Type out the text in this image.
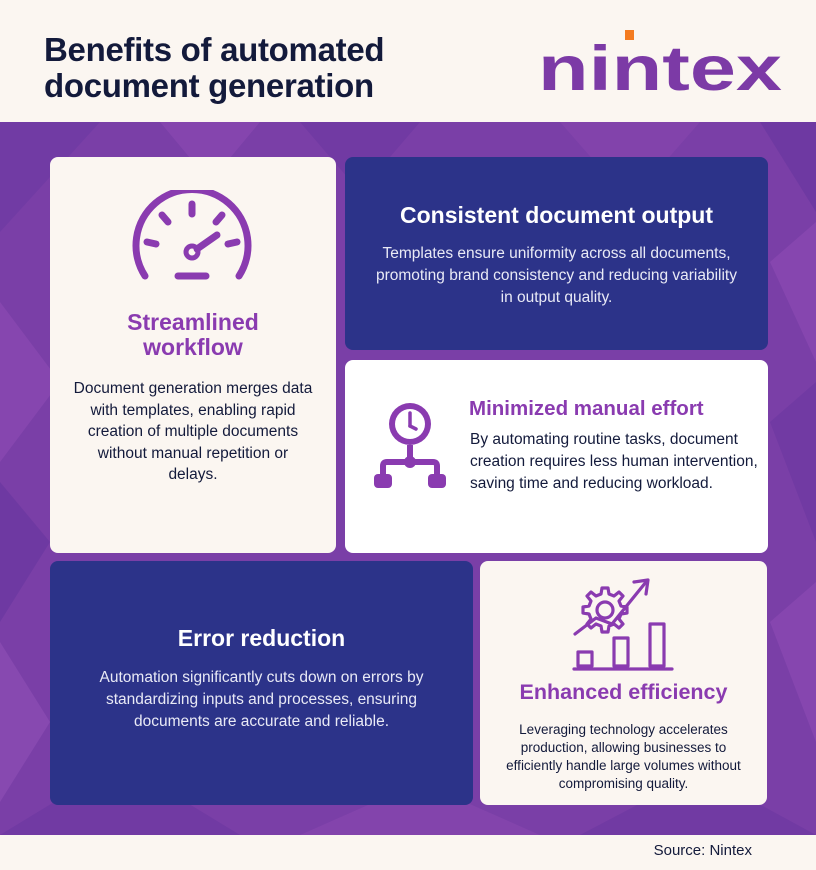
Benefits of automated
document generation	nintex
Streamlined
workflow

Document generation merges data with templates, enabling rapid creation of multiple documents without manual repetition or delays.

Consistent document output

Templates ensure uniformity across all documents, promoting brand consistency and reducing variability in output quality.

Minimized manual effort

By automating routine tasks, document creation requires less human intervention, saving time and reducing workload.

Error reduction

Automation significantly cuts down on errors by standardizing inputs and processes, ensuring documents are accurate and reliable.

Enhanced efficiency

Leveraging technology accelerates production, allowing businesses to efficiently handle large volumes without compromising quality.

Source: Nintex
